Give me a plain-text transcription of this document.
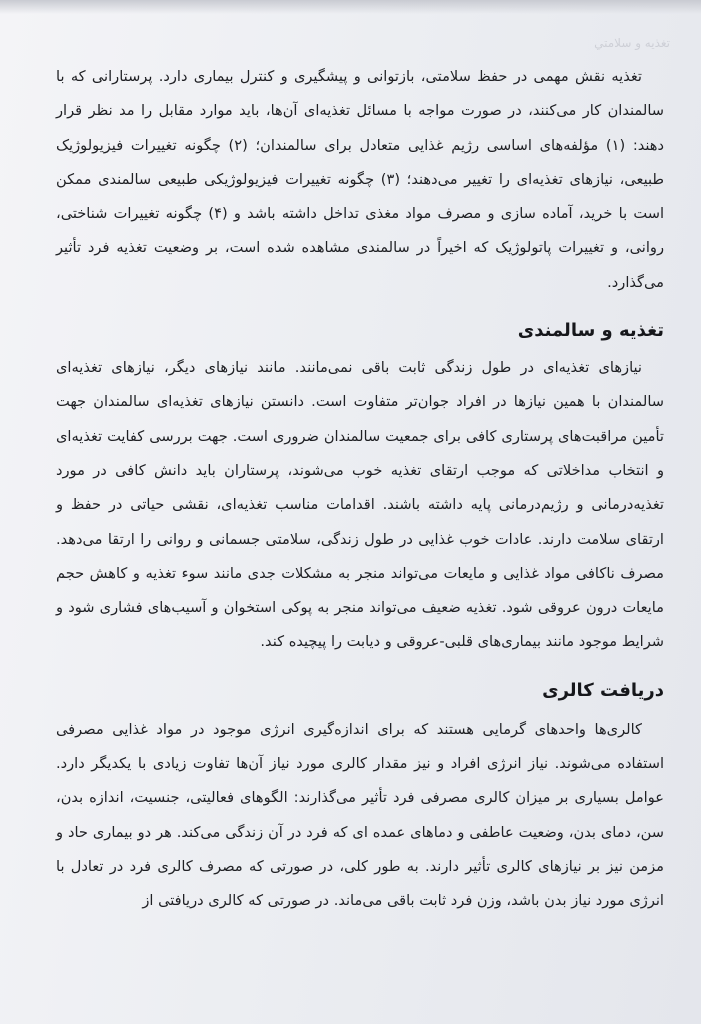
ﺗﻐﺬﻳﻪ ﻭ ﺳﻼﻣﺘﻲ

تغذیه نقش مهمی در حفظ سلامتی، بازتوانی و پیشگیری و کنترل بیماری دارد. پرستارانی که با سالمندان کار می‌کنند، در صورت مواجه با مسائل تغذیه‌ای آن‌ها، باید موارد مقابل را مد نظر قرار دهند: (۱) مؤلفه‌های اساسی رژیم غذایی متعادل برای سالمندان؛ (۲) چگونه تغییرات فیزیولوژیک طبیعی، نیازهای تغذیه‌ای را تغییر می‌دهند؛ (۳) چگونه تغییرات فیزیولوژیکی طبیعی سالمندی ممکن است با خرید، آماده سازی و مصرف مواد مغذی تداخل داشته باشد و (۴) چگونه تغییرات شناختی، روانی، و تغییرات پاتولوژیک که اخیراً در سالمندی مشاهده شده است، بر وضعیت تغذیه فرد تأثیر می‌گذارد.

تغذیه و سالمندی

نیازهای تغذیه‌ای در طول زندگی ثابت باقی نمی‌مانند. مانند نیازهای دیگر، نیازهای تغذیه‌ای سالمندان با همین نیازها در افراد جوان‌تر متفاوت است. دانستن نیازهای تغذیه‌ای سالمندان جهت تأمین مراقبت‌های پرستاری کافی برای جمعیت سالمندان ضروری است. جهت بررسی کفایت تغذیه‌ای و انتخاب مداخلاتی که موجب ارتقای تغذیه خوب می‌شوند، پرستاران باید دانش کافی در مورد تغذیه‌درمانی و رژیم‌درمانی پایه داشته باشند. اقدامات مناسب تغذیه‌ای، نقشی حیاتی در حفظ و ارتقای سلامت دارند. عادات خوب غذایی در طول زندگی، سلامتی جسمانی و روانی را ارتقا می‌دهد. مصرف ناکافی مواد غذایی و مایعات می‌تواند منجر به مشکلات جدی مانند سوء تغذیه و کاهش حجم مایعات درون عروقی شود. تغذیه ضعیف می‌تواند منجر به پوکی استخوان و آسیب‌های فشاری شود و شرایط موجود مانند بیماری‌های قلبی-عروقی و دیابت را پیچیده کند.

دریافت کالری

کالری‌ها واحدهای گرمایی هستند که برای اندازه‌گیری انرژی موجود در مواد غذایی مصرفی استفاده می‌شوند. نیاز انرژی افراد و نیز مقدار کالری مورد نیاز آن‌ها تفاوت زیادی با یکدیگر دارد. عوامل بسیاری بر میزان کالری مصرفی فرد تأثیر می‌گذارند: الگوهای فعالیتی، جنسیت، اندازه بدن، سن، دمای بدن، وضعیت عاطفی و دماهای عمده ای که فرد در آن زندگی می‌کند. هر دو بیماری حاد و مزمن نیز بر نیازهای کالری تأثیر دارند. به طور کلی، در صورتی که مصرف کالری فرد در تعادل با انرژی مورد نیاز بدن باشد، وزن فرد ثابت باقی می‌ماند. در صورتی که کالری دریافتی از
